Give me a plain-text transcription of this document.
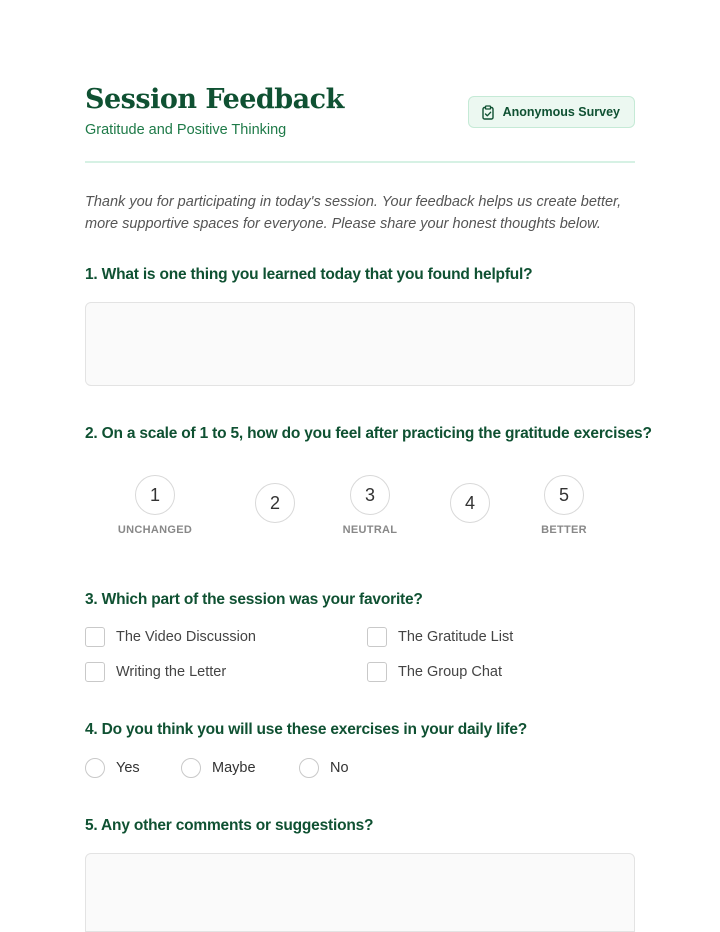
Session Feedback
Gratitude and Positive Thinking
Anonymous Survey
Thank you for participating in today's session. Your feedback helps us create better, more supportive spaces for everyone. Please share your honest thoughts below.
1. What is one thing you learned today that you found helpful?
2. On a scale of 1 to 5, how do you feel after practicing the gratitude exercises?
1
UNCHANGED
2	3
NEUTRAL
4	5
BETTER
3. Which part of the session was your favorite?
The Video Discussion	The Gratitude List
Writing the Letter	The Group Chat
4. Do you think you will use these exercises in your daily life?
Yes	Maybe	No
5. Any other comments or suggestions?
